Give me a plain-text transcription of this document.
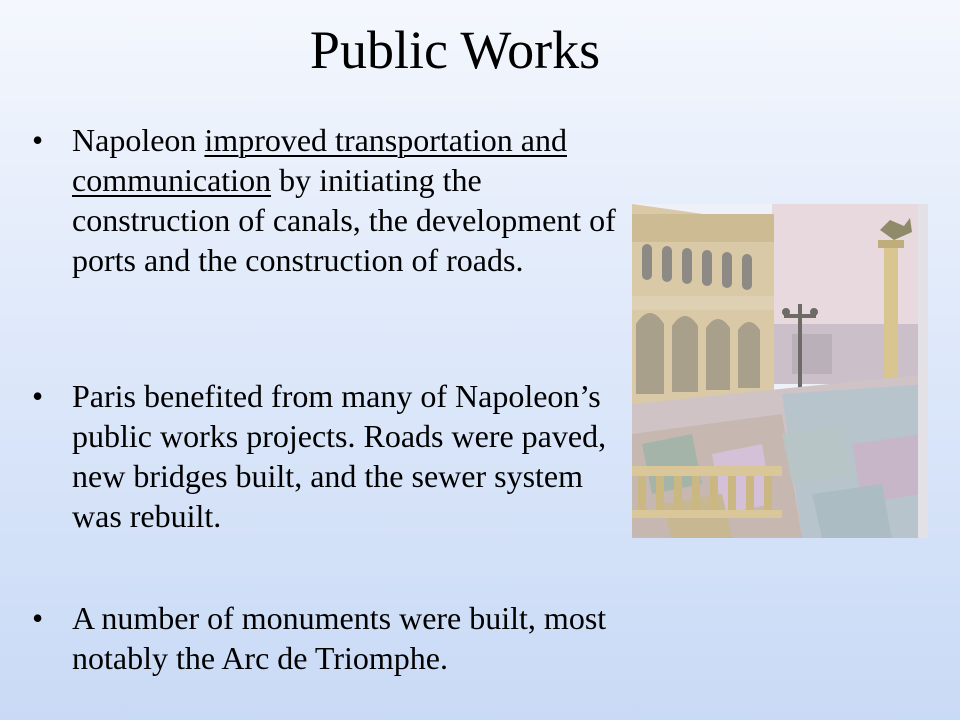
Public Works
• Napoleon improved transportation and communication by initiating the construction of canals, the development of ports and the construction of roads.
• Paris benefited from many of Napoleon’s public works projects. Roads were paved, new bridges built, and the sewer system was rebuilt.
• A number of monuments were built, most notably the Arc de Triomphe.
